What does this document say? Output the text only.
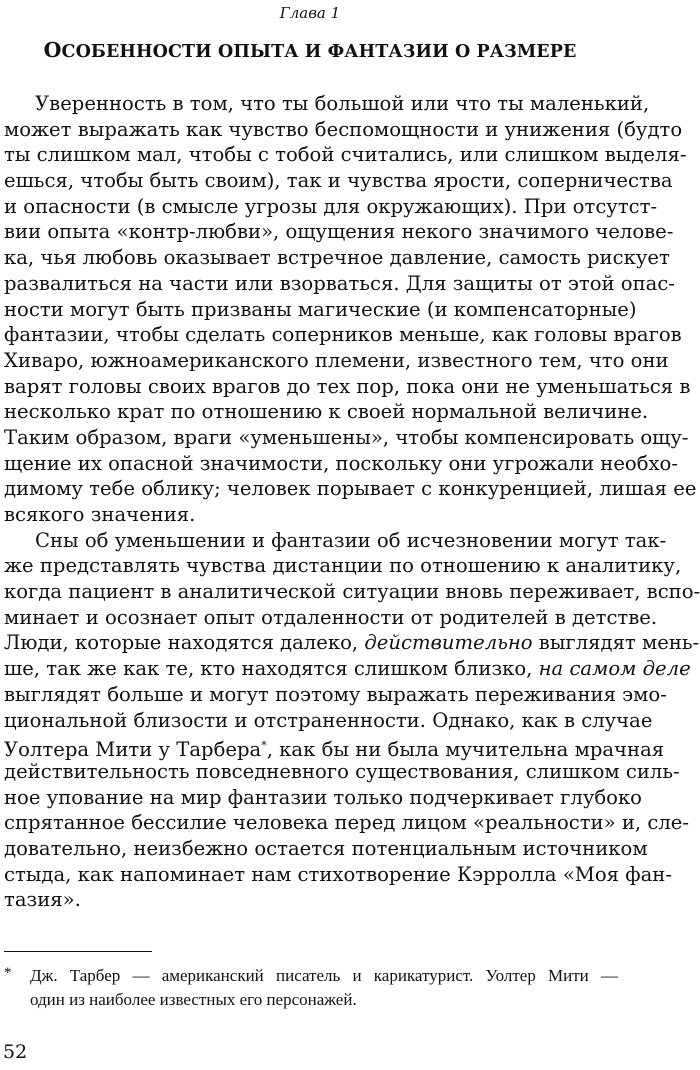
Глава 1
ОСОБЕННОСТИ ОПЫТА И ФАНТАЗИИ О РАЗМЕРЕ
Уверенность в том, что ты большой или что ты маленький,
может выражать как чувство беспомощности и унижения (будто
ты слишком мал, чтобы с тобой считались, или слишком выделя-
ешься, чтобы быть своим), так и чувства ярости, соперничества
и опасности (в смысле угрозы для окружающих). При отсутст-
вии опыта «контр-любви», ощущения некого значимого челове-
ка, чья любовь оказывает встречное давление, самость рискует
развалиться на части или взорваться. Для защиты от этой опас-
ности могут быть призваны магические (и компенсаторные)
фантазии, чтобы сделать соперников меньше, как головы врагов
Хиваро, южноамериканского племени, известного тем, что они
варят головы своих врагов до тех пор, пока они не уменьшаться в
несколько крат по отношению к своей нормальной величине.
Таким образом, враги «уменьшены», чтобы компенсировать ощу-
щение их опасной значимости, поскольку они угрожали необхо-
димому тебе облику; человек порывает с конкуренцией, лишая ее
всякого значения.
Сны об уменьшении и фантазии об исчезновении могут так-
же представлять чувства дистанции по отношению к аналитику,
когда пациент в аналитической ситуации вновь переживает, вспо-
минает и осознает опыт отдаленности от родителей в детстве.
Люди, которые находятся далеко, действительно выглядят мень-
ше, так же как те, кто находятся слишком близко, на самом деле
выглядят больше и могут поэтому выражать переживания эмо-
циональной близости и отстраненности. Однако, как в случае
Уолтера Мити у Тарбера*, как бы ни была мучительна мрачная
действительность повседневного существования, слишком силь-
ное упование на мир фантазии только подчеркивает глубоко
спрятанное бессилие человека перед лицом «реальности» и, сле-
довательно, неизбежно остается потенциальным источником
стыда, как напоминает нам стихотворение Кэрролла «Моя фан-
тазия».
* Дж. Тарбер — американский писатель и карикатурист. Уолтер Мити —
один из наиболее известных его персонажей.
52
